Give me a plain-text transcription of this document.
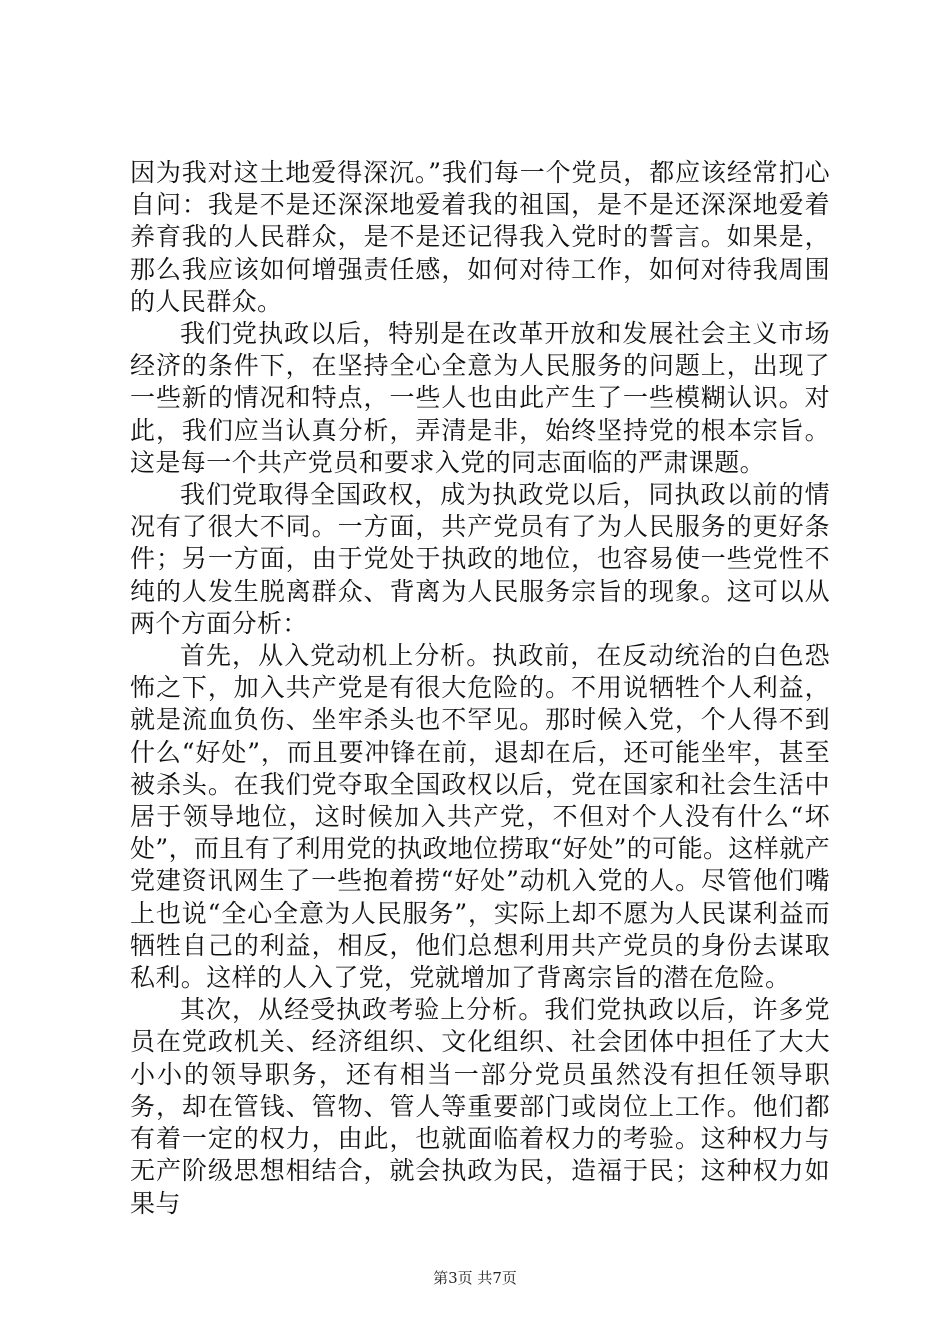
因为我对这土地爱得深沉。”我们每一个党员，都应该经常扪心自问：我是不是还深深地爱着我的祖国，是不是还深深地爱着养育我的人民群众，是不是还记得我入党时的誓言。如果是，那么我应该如何增强责任感，如何对待工作，如何对待我周围的人民群众。

我们党执政以后，特别是在改革开放和发展社会主义市场经济的条件下，在坚持全心全意为人民服务的问题上，出现了一些新的情况和特点，一些人也由此产生了一些模糊认识。对此，我们应当认真分析，弄清是非，始终坚持党的根本宗旨。这是每一个共产党员和要求入党的同志面临的严肃课题。

我们党取得全国政权，成为执政党以后，同执政以前的情况有了很大不同。一方面，共产党员有了为人民服务的更好条件；另一方面，由于党处于执政的地位，也容易使一些党性不纯的人发生脱离群众、背离为人民服务宗旨的现象。这可以从两个方面分析：

首先，从入党动机上分析。执政前，在反动统治的白色恐怖之下，加入共产党是有很大危险的。不用说牺牲个人利益，就是流血负伤、坐牢杀头也不罕见。那时候入党，个人得不到什么“好处”，而且要冲锋在前，退却在后，还可能坐牢，甚至被杀头。在我们党夺取全国政权以后，党在国家和社会生活中居于领导地位，这时候加入共产党，不但对个人没有什么“坏处”，而且有了利用党的执政地位捞取“好处”的可能。这样就产党建资讯网生了一些抱着捞“好处”动机入党的人。尽管他们嘴上也说“全心全意为人民服务”，实际上却不愿为人民谋利益而牺牲自己的利益，相反，他们总想利用共产党员的身份去谋取私利。这样的人入了党，党就增加了背离宗旨的潜在危险。

其次，从经受执政考验上分析。我们党执政以后，许多党员在党政机关、经济组织、文化组织、社会团体中担任了大大小小的领导职务，还有相当一部分党员虽然没有担任领导职务，却在管钱、管物、管人等重要部门或岗位上工作。他们都有着一定的权力，由此，也就面临着权力的考验。这种权力与无产阶级思想相结合，就会执政为民，造福于民；这种权力如果与

第3页 共7页
